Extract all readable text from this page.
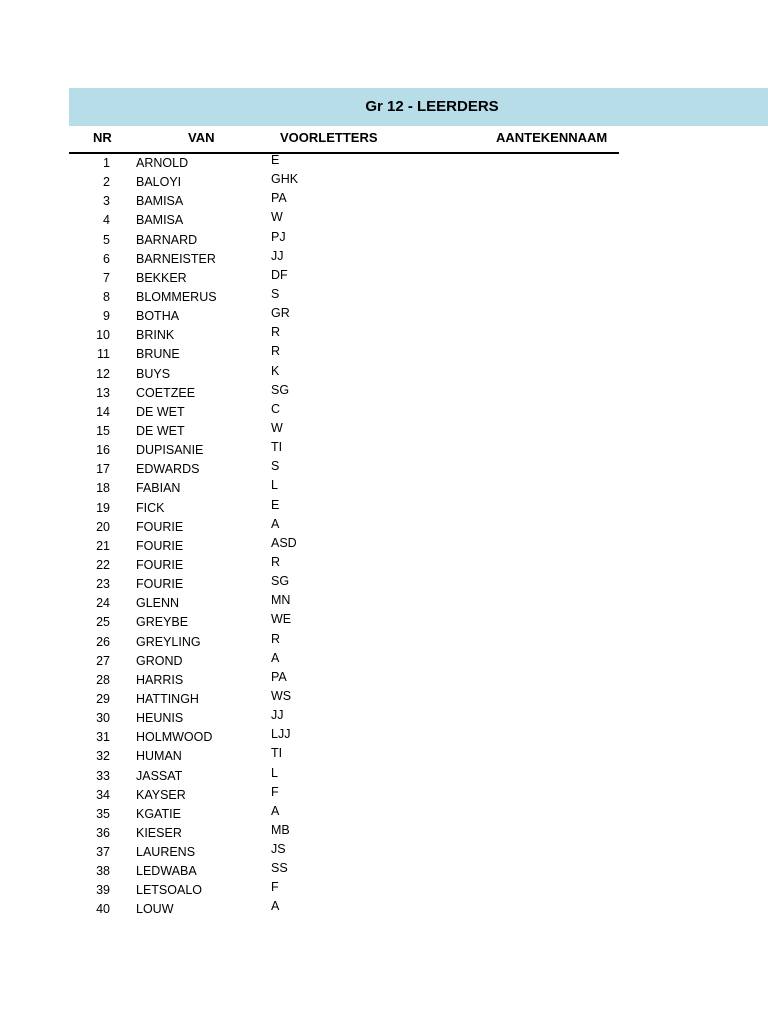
Gr 12 - LEERDERS
NR	VAN	VOORLETTERS	AANTEKENNAAM
1 ARNOLD	E
2 BALOYI	GHK
3 BAMISA	PA
4 BAMISA	W
5 BARNARD	PJ
6 BARNEISTER	JJ
7 BEKKER	DF
8 BLOMMERUS	S
9 BOTHA	GR
10 BRINK	R
11 BRUNE	R
12 BUYS	K
13 COETZEE	SG
14 DE WET	C
15 DE WET	W
16 DUPISANIE	TI
17 EDWARDS	S
18 FABIAN	L
19 FICK	E
20 FOURIE	A
21 FOURIE	ASD
22 FOURIE	R
23 FOURIE	SG
24 GLENN	MN
25 GREYBE	WE
26 GREYLING	R
27 GROND	A
28 HARRIS	PA
29 HATTINGH	WS
30 HEUNIS	JJ
31 HOLMWOOD	LJJ
32 HUMAN	TI
33 JASSAT	L
34 KAYSER	F
35 KGATIE	A
36 KIESER	MB
37 LAURENS	JS
38 LEDWABA	SS
39 LETSOALO	F
40 LOUW	A
